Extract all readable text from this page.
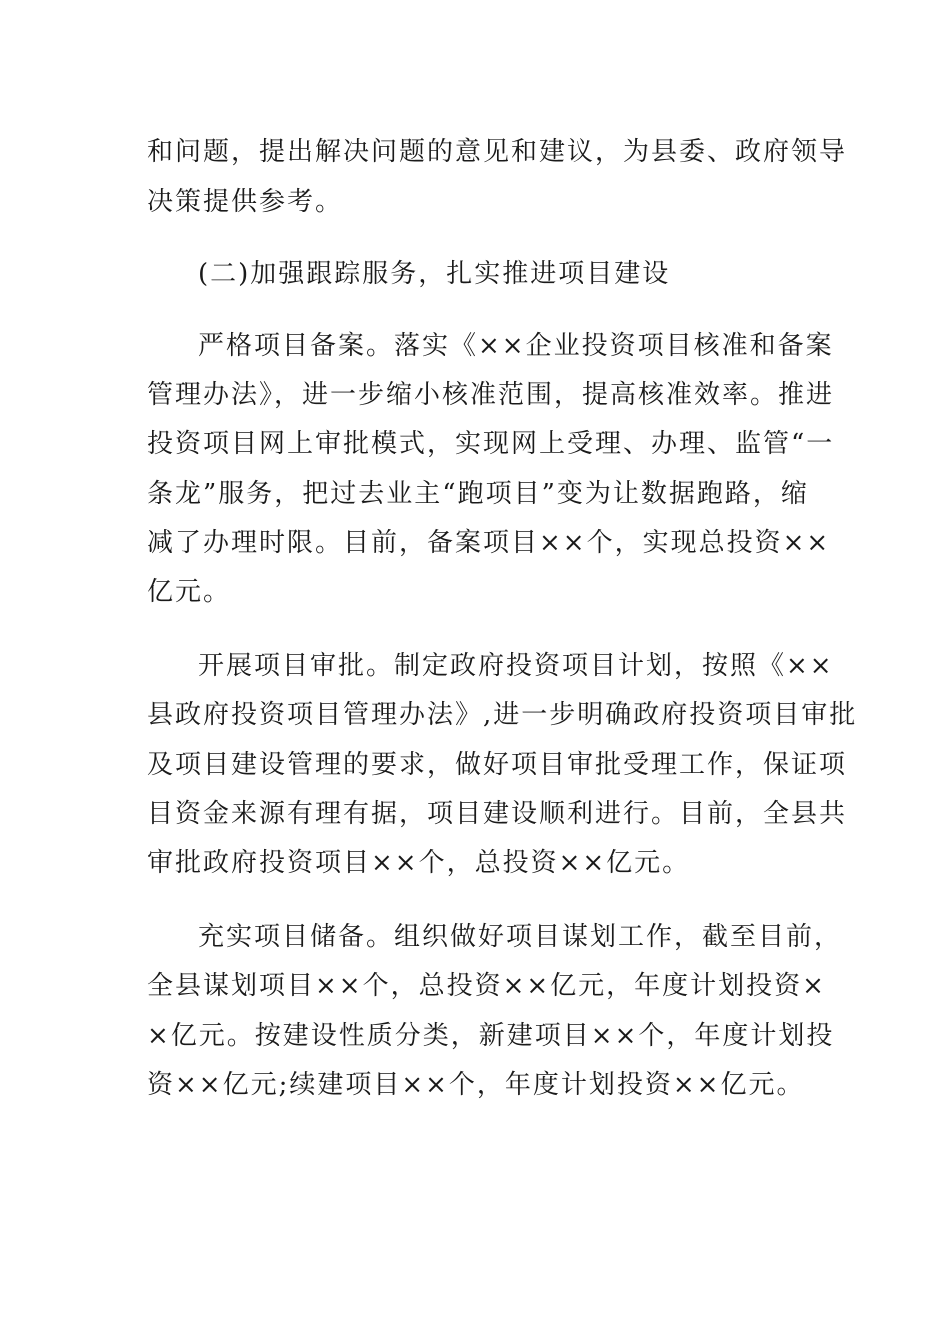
和问题，提出解决问题的意见和建议，为县委、政府领导
决策提供参考。
(二)加强跟踪服务，扎实推进项目建设
严格项目备案。落实《××企业投资项目核准和备案
管理办法》，进一步缩小核准范围，提高核准效率。推进
投资项目网上审批模式，实现网上受理、办理、监管“一
条龙”服务，把过去业主“跑项目”变为让数据跑路，缩
减了办理时限。目前，备案项目××个，实现总投资××
亿元。
开展项目审批。制定政府投资项目计划，按照《××
县政府投资项目管理办法》,进一步明确政府投资项目审批
及项目建设管理的要求，做好项目审批受理工作，保证项
目资金来源有理有据，项目建设顺利进行。目前，全县共
审批政府投资项目××个，总投资××亿元。
充实项目储备。组织做好项目谋划工作，截至目前，
全县谋划项目××个，总投资××亿元，年度计划投资×
×亿元。按建设性质分类，新建项目××个，年度计划投
资××亿元;续建项目××个，年度计划投资××亿元。
